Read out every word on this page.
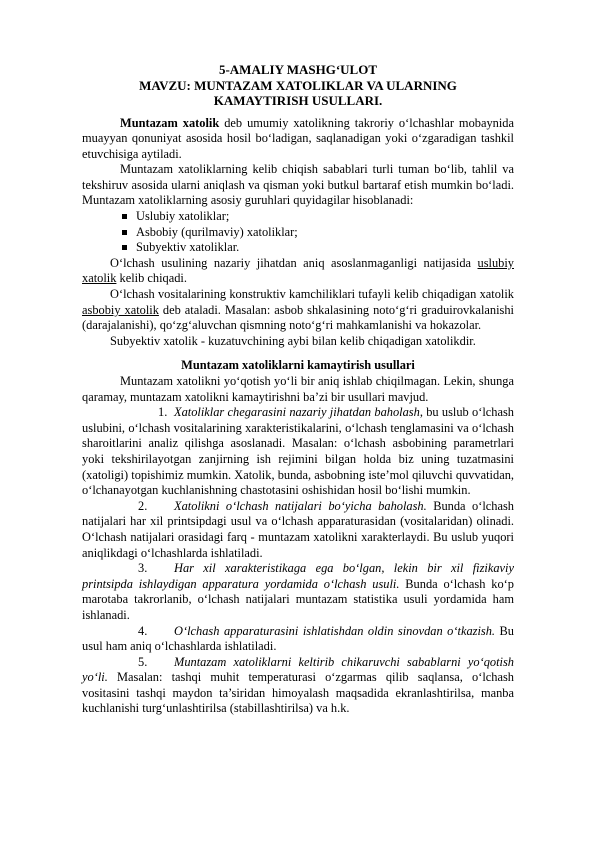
5-AMALIY MASHG‘ULOT
MAVZU: MUNTAZAM XATOLIKLAR VA ULARNING
KAMAYTIRISH USULLARI.

Muntazam xatolik deb umumiy xatolikning takroriy o‘lchashlar mobaynida muayyan qonuniyat asosida hosil bo‘ladigan, saqlanadigan yoki o‘zgaradigan tashkil etuvchisiga aytiladi.

Muntazam xatoliklarning kelib chiqish sabablari turli tuman bo‘lib, tahlil va tekshiruv asosida ularni aniqlash va qisman yoki butkul bartaraf etish mumkin bo‘ladi. Muntazam xatoliklarning asosiy guruhlari quyidagilar hisoblanadi:

Uslubiy xatoliklar;
Asbobiy (qurilmaviy) xatoliklar;
Subyektiv xatoliklar.

O‘lchash usulining nazariy jihatdan aniq asoslanmaganligi natijasida uslubiy xatolik kelib chiqadi.

O‘lchash vositalarining konstruktiv kamchiliklari tufayli kelib chiqadigan xatolik asbobiy xatolik deb ataladi. Masalan: asbob shkalasining noto‘g‘ri graduirovkalanishi (darajalanishi), qo‘zg‘aluvchan qismning noto‘g‘ri mahkamlanishi va hokazolar.

Subyektiv xatolik - kuzatuvchining aybi bilan kelib chiqadigan xatolikdir.

Muntazam xatoliklarni kamaytirish usullari

Muntazam xatolikni yo‘qotish yo‘li bir aniq ishlab chiqilmagan. Lekin, shunga qaramay, muntazam xatolikni kamaytirishni ba’zi bir usullari mavjud.

1. Xatoliklar chegarasini nazariy jihatdan baholash, bu uslub o‘lchash uslubini, o‘lchash vositalarining xarakteristikalarini, o‘lchash tenglamasini va o‘lchash sharoitlarini analiz qilishga asoslanadi. Masalan: o‘lchash asbobining parametrlari yoki tekshirilayotgan zanjirning ish rejimini bilgan holda biz uning tuzatmasini (xatoligi) topishimiz mumkin. Xatolik, bunda, asbobning iste’mol qiluvchi quvvatidan, o‘lchanayotgan kuchlanishning chastotasini oshishidan hosil bo‘lishi mumkin.

2. Xatolikni o‘lchash natijalari bo‘yicha baholash. Bunda o‘lchash natijalari har xil printsipdagi usul va o‘lchash apparaturasidan (vositalaridan) olinadi. O‘lchash natijalari orasidagi farq - muntazam xatolikni xarakterlaydi. Bu uslub yuqori aniqlikdagi o‘lchashlarda ishlatiladi.

3. Har xil xarakteristikaga ega bo‘lgan, lekin bir xil fizikaviy printsipda ishlaydigan apparatura yordamida o‘lchash usuli. Bunda o‘lchash ko‘p marotaba takrorlanib, o‘lchash natijalari muntazam statistika usuli yordamida ham ishlanadi.

4. O‘lchash apparaturasini ishlatishdan oldin sinovdan o‘tkazish. Bu usul ham aniq o‘lchashlarda ishlatiladi.

5. Muntazam xatoliklarni keltirib chikaruvchi sabablarni yo‘qotish yo‘li. Masalan: tashqi muhit temperaturasi o‘zgarmas qilib saqlansa, o‘lchash vositasini tashqi maydon ta’siridan himoyalash maqsadida ekranlashtirilsa, manba kuchlanishi turg‘unlashtirilsa (stabillashtirilsa) va h.k.
